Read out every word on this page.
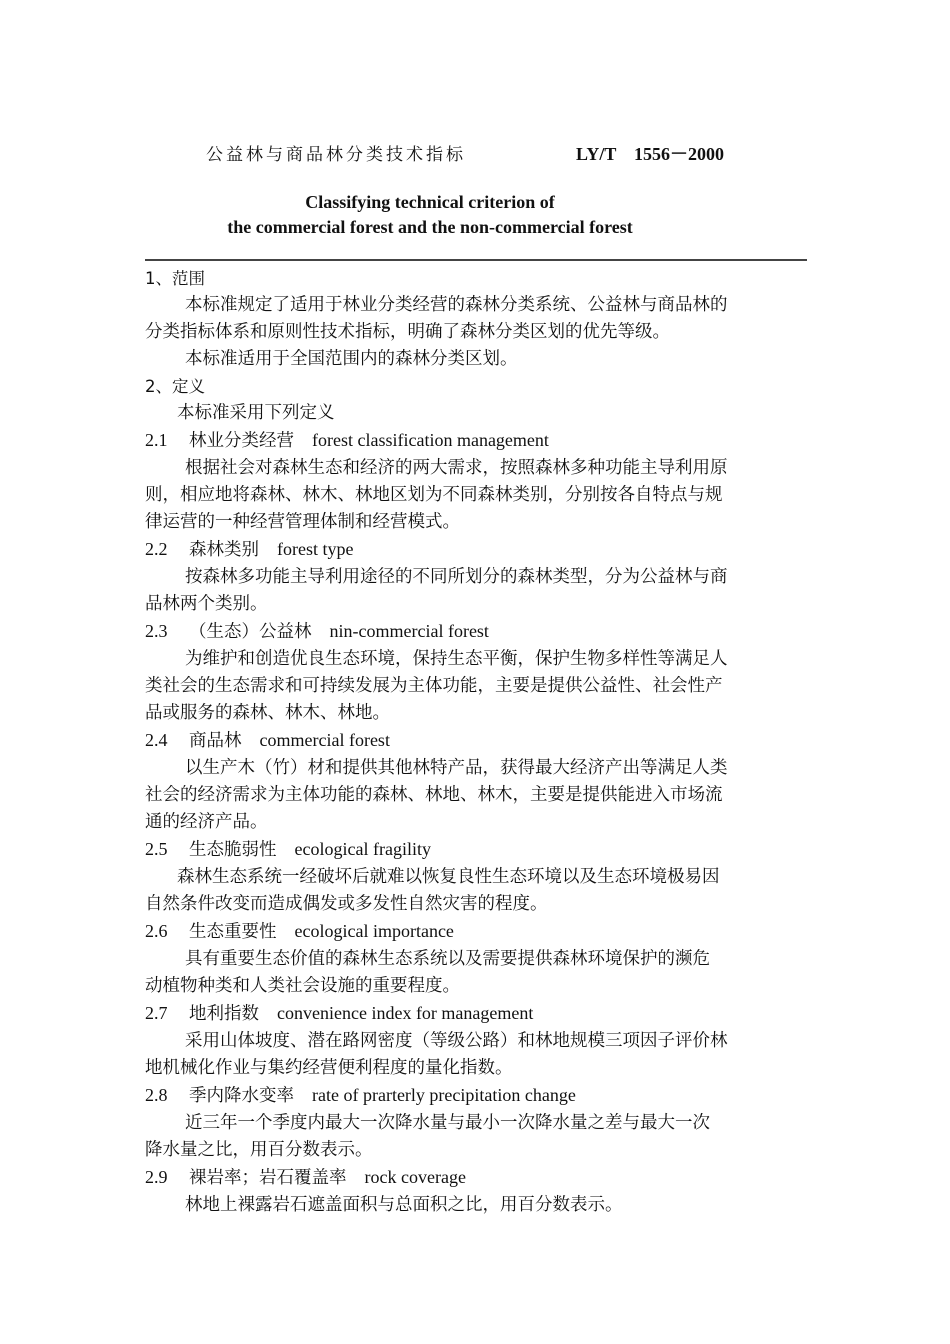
公益林与商品林分类技术指标	LY/T　1556－2000
Classifying technical criterion of
the commercial forest and the non-commercial forest

1、范围

本标准规定了适用于林业分类经营的森林分类系统、公益林与商品林的

分类指标体系和原则性技术指标，明确了森林分类区划的优先等级。

本标准适用于全国范围内的森林分类区划。

2、定义

本标准采用下列定义

2.1 林业分类经营 forest classification management

根据社会对森林生态和经济的两大需求，按照森林多种功能主导利用原

则，相应地将森林、林木、林地区划为不同森林类别，分别按各自特点与规

律运营的一种经营管理体制和经营模式。

2.2 森林类别 forest type

按森林多功能主导利用途径的不同所划分的森林类型，分为公益林与商

品林两个类别。

2.3 （生态）公益林 nin-commercial forest

为维护和创造优良生态环境，保持生态平衡，保护生物多样性等满足人

类社会的生态需求和可持续发展为主体功能，主要是提供公益性、社会性产

品或服务的森林、林木、林地。

2.4 商品林 commercial forest

以生产木（竹）材和提供其他林特产品，获得最大经济产出等满足人类

社会的经济需求为主体功能的森林、林地、林木，主要是提供能进入市场流

通的经济产品。

2.5 生态脆弱性 ecological fragility

森林生态系统一经破坏后就难以恢复良性生态环境以及生态环境极易因

自然条件改变而造成偶发或多发性自然灾害的程度。

2.6 生态重要性 ecological importance

具有重要生态价值的森林生态系统以及需要提供森林环境保护的濒危

动植物种类和人类社会设施的重要程度。

2.7 地利指数 convenience index for management

采用山体坡度、潜在路网密度（等级公路）和林地规模三项因子评价林

地机械化作业与集约经营便利程度的量化指数。

2.8 季内降水变率 rate of prarterly precipitation change

近三年一个季度内最大一次降水量与最小一次降水量之差与最大一次

降水量之比，用百分数表示。

2.9 裸岩率；岩石覆盖率 rock coverage

林地上裸露岩石遮盖面积与总面积之比，用百分数表示。
